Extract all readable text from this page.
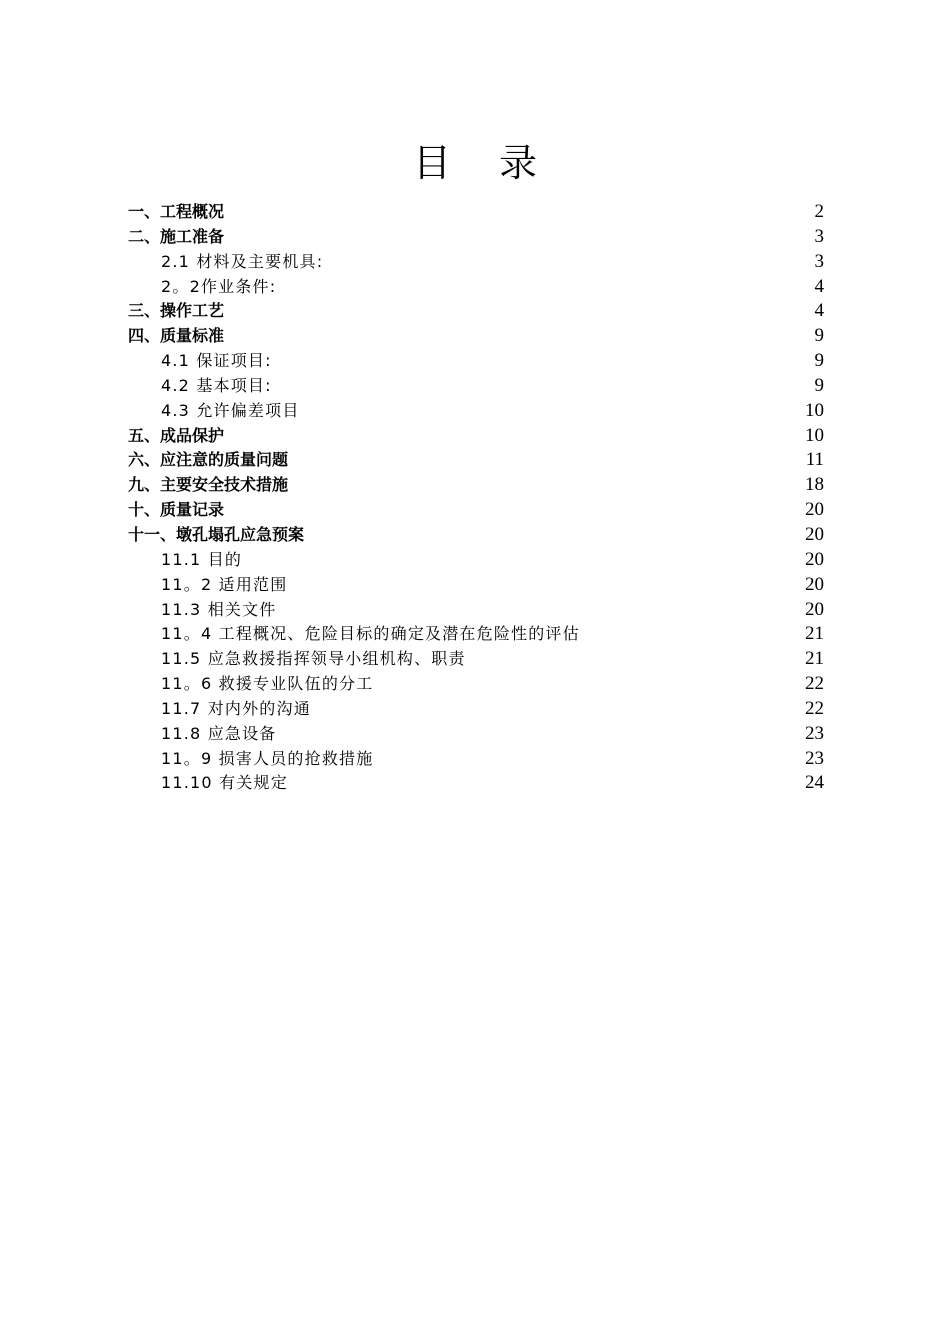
目 录
一、工程概况	2
二、施工准备	3
2.1 材料及主要机具:	3
2。2作业条件:	4
三、操作工艺	4
四、质量标准	9
4.1 保证项目:	9
4.2 基本项目:	9
4.3 允许偏差项目	10
五、成品保护	10
六、应注意的质量问题	11
九、主要安全技术措施	18
十、质量记录	20
十一、墩孔塌孔应急预案	20
11.1 目的	20
11。2 适用范围	20
11.3 相关文件	20
11。4 工程概况、危险目标的确定及潜在危险性的评估	21
11.5 应急救援指挥领导小组机构、职责	21
11。6 救援专业队伍的分工	22
11.7 对内外的沟通	22
11.8 应急设备	23
11。9 损害人员的抢救措施	23
11.10 有关规定	24
